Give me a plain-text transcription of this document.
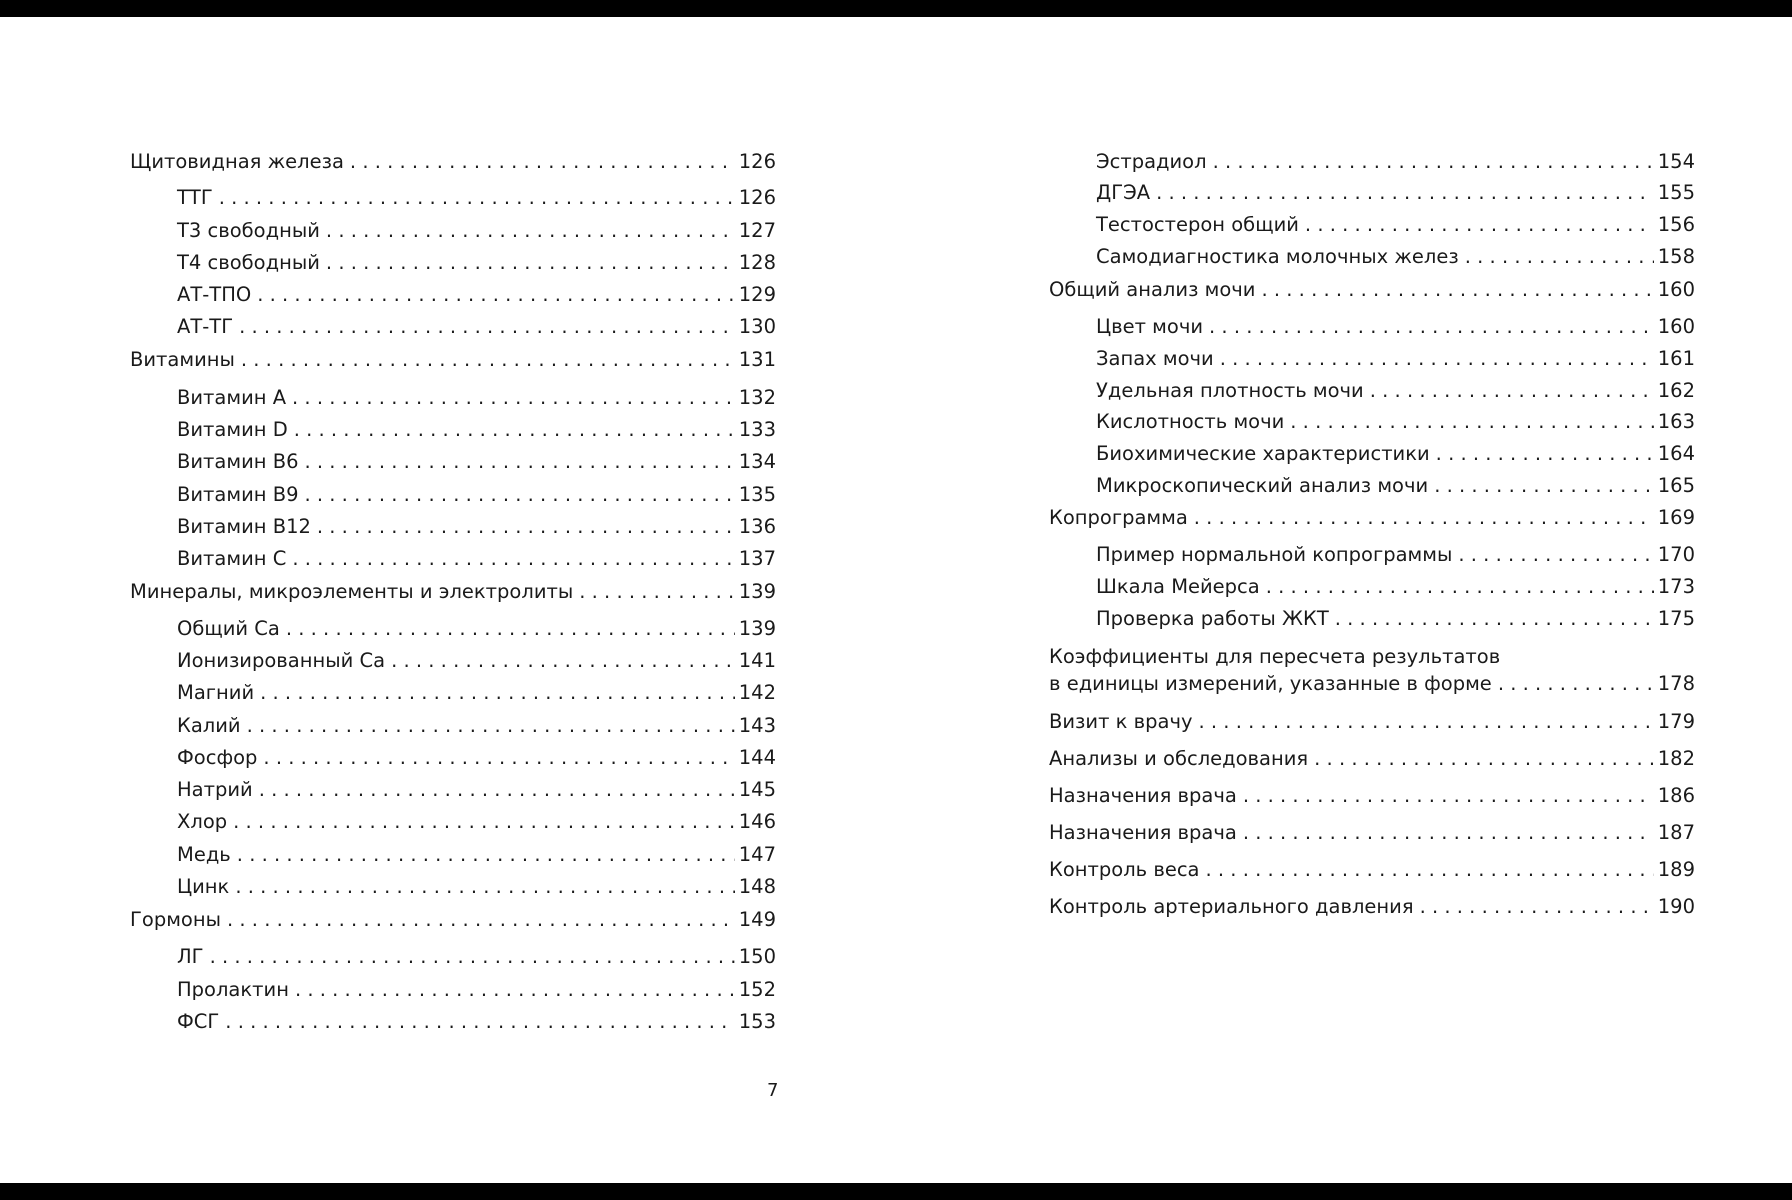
Щитовидная железа . . .	126
ТТГ . . .	126
Т3 свободный . . .	127
Т4 свободный . . .	128
АТ-ТПО . . .	129
АТ-ТГ . . .	130
Витамины . . .	131
Витамин А . . .	132
Витамин D . . .	133
Витамин В6 . . .	134
Витамин В9 . . .	135
Витамин В12 . . .	136
Витамин С . . .	137
Минералы, микроэлементы и электролиты . . .	139
Общий Са . . .	139
Ионизированный Са . . .	141
Магний . . .	142
Калий . . .	143
Фосфор . . .	144
Натрий . . .	145
Хлор . . .	146
Медь . . .	147
Цинк . . .	148
Гормоны . . .	149
ЛГ . . .	150
Пролактин . . .	152
ФСГ . . .	153
Эстрадиол . . .	154
ДГЭА . . .	155
Тестостерон общий . . .	156
Самодиагностика молочных желез . . .	158
Общий анализ мочи . . .	160
Цвет мочи . . .	160
Запах мочи . . .	161
Удельная плотность мочи . . .	162
Кислотность мочи . . .	163
Биохимические характеристики . . .	164
Микроскопический анализ мочи . . .	165
Копрограмма . . .	169
Пример нормальной копрограммы . . .	170
Шкала Мейерса . . .	173
Проверка работы ЖКТ . . .	175
Коэффициенты для пересчета результатов
в единицы измерений, указанные в форме . . .	178
Визит к врачу . . .	179
Анализы и обследования . . .	182
Назначения врача . . .	186
Назначения врача . . .	187
Контроль веса . . .	189
Контроль артериального давления . . .	190
7
